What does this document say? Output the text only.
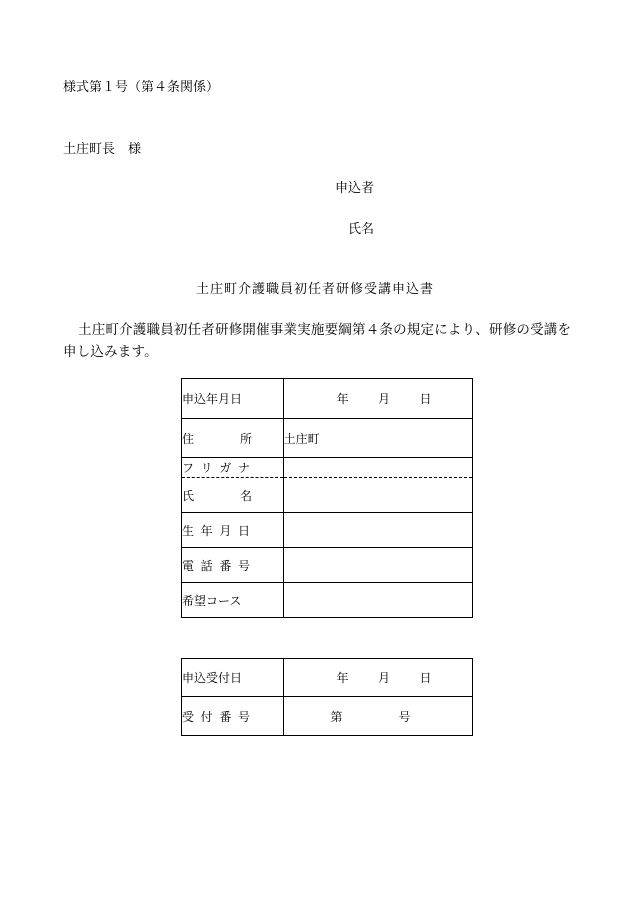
様式第１号（第４条関係）
土庄町長　様
申込者
氏名
土庄町介護職員初任者研修受講申込書
土庄町介護職員初任者研修開催事業実施要綱第４条の規定により、研修の受講を申し込みます。
申込年月日	年 月 日

住 所	土庄町

フ リ ガ ナ	

氏 名	

生 年 月 日	

電 話 番 号	

希望コース	
申込受付日	年 月 日

受 付 番 号	第 号
